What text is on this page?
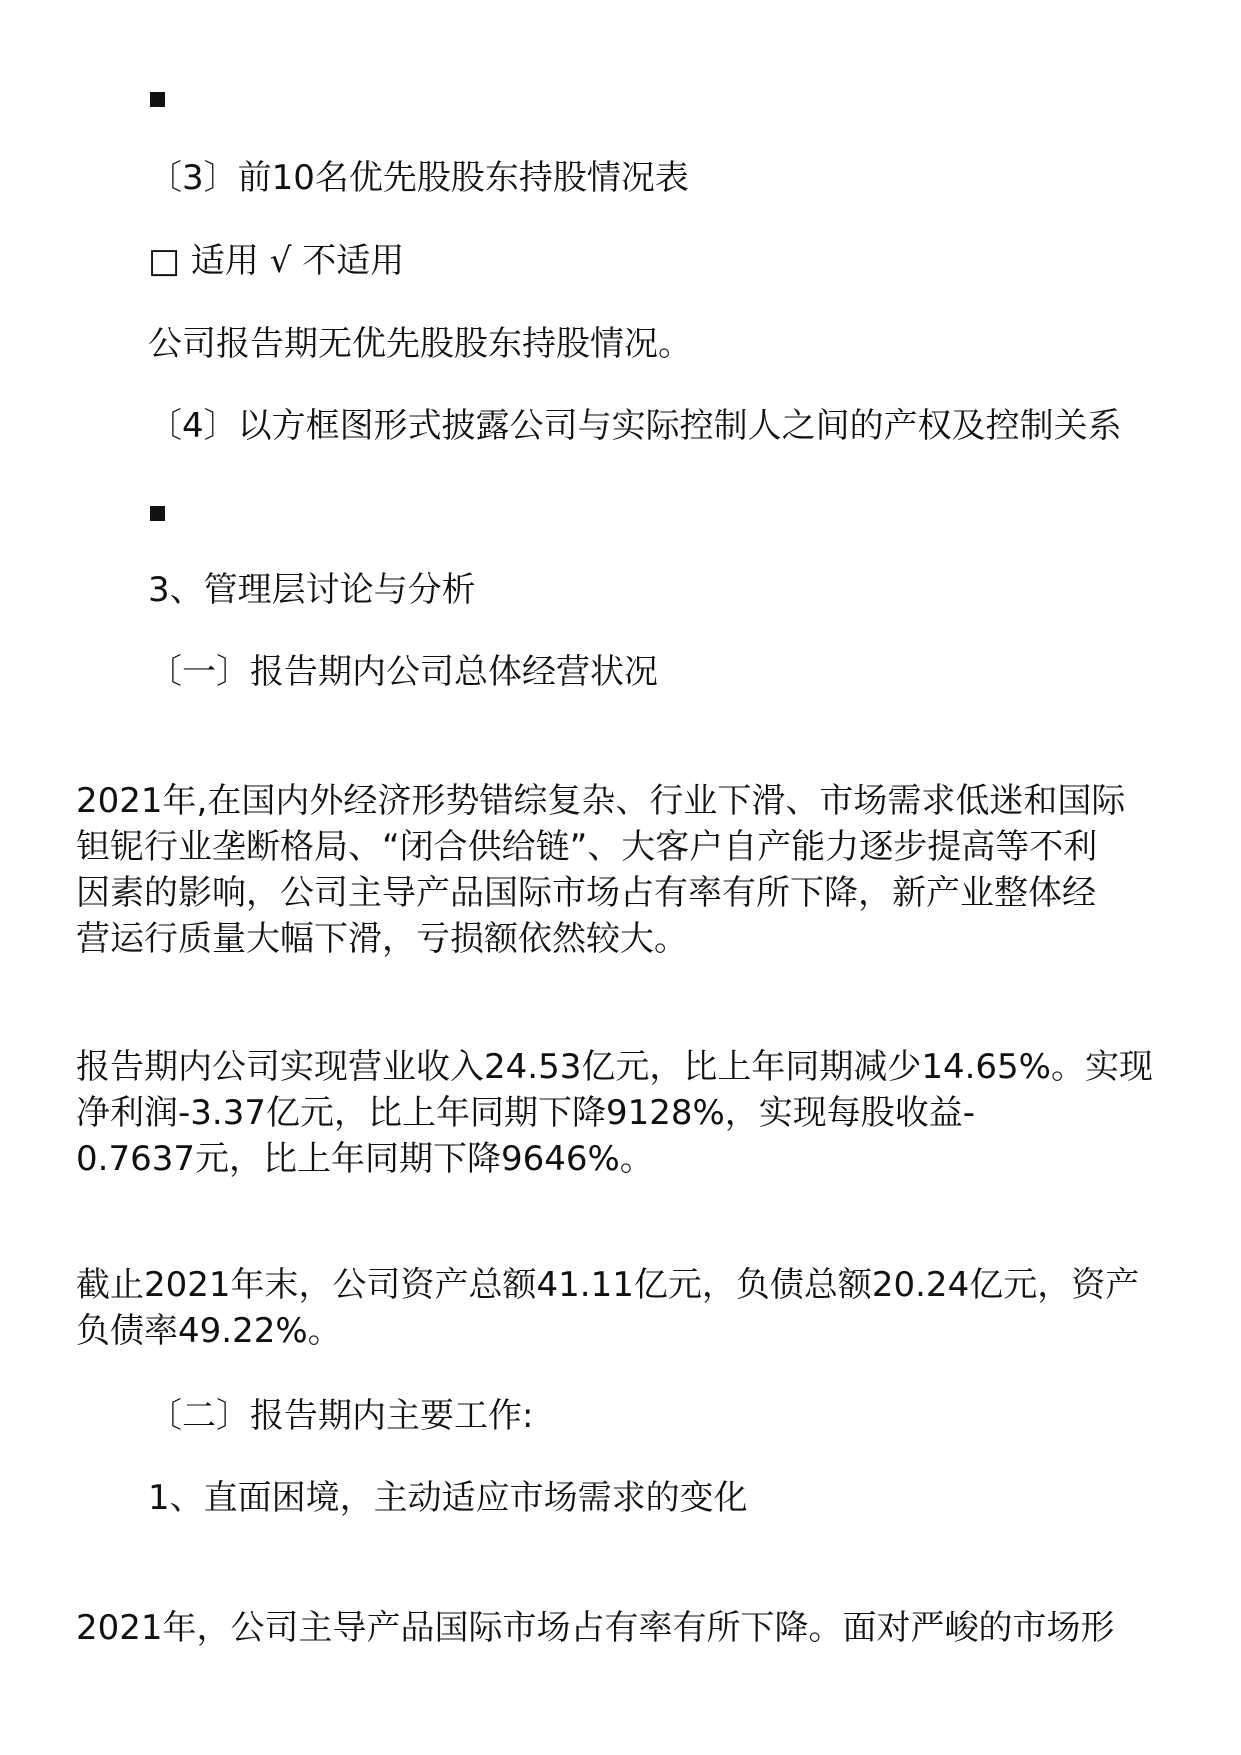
〔3〕前10名优先股股东持股情况表

□ 适用 √ 不适用

公司报告期无优先股股东持股情况。

〔4〕以方框图形式披露公司与实际控制人之间的产权及控制关系

3、管理层讨论与分析

〔一〕报告期内公司总体经营状况

2021年,在国内外经济形势错综复杂、行业下滑、市场需求低迷和国际
钽铌行业垄断格局、“闭合供给链”、大客户自产能力逐步提高等不利
因素的影响，公司主导产品国际市场占有率有所下降，新产业整体经
营运行质量大幅下滑，亏损额依然较大。
报告期内公司实现营业收入24.53亿元，比上年同期减少14.65%。实现
净利润-3.37亿元，比上年同期下降9128%，实现每股收益-
0.7637元，比上年同期下降9646%。
截止2021年末，公司资产总额41.11亿元，负债总额20.24亿元，资产
负债率49.22%。

〔二〕报告期内主要工作:

1、直面困境，主动适应市场需求的变化

2021年，公司主导产品国际市场占有率有所下降。面对严峻的市场形
